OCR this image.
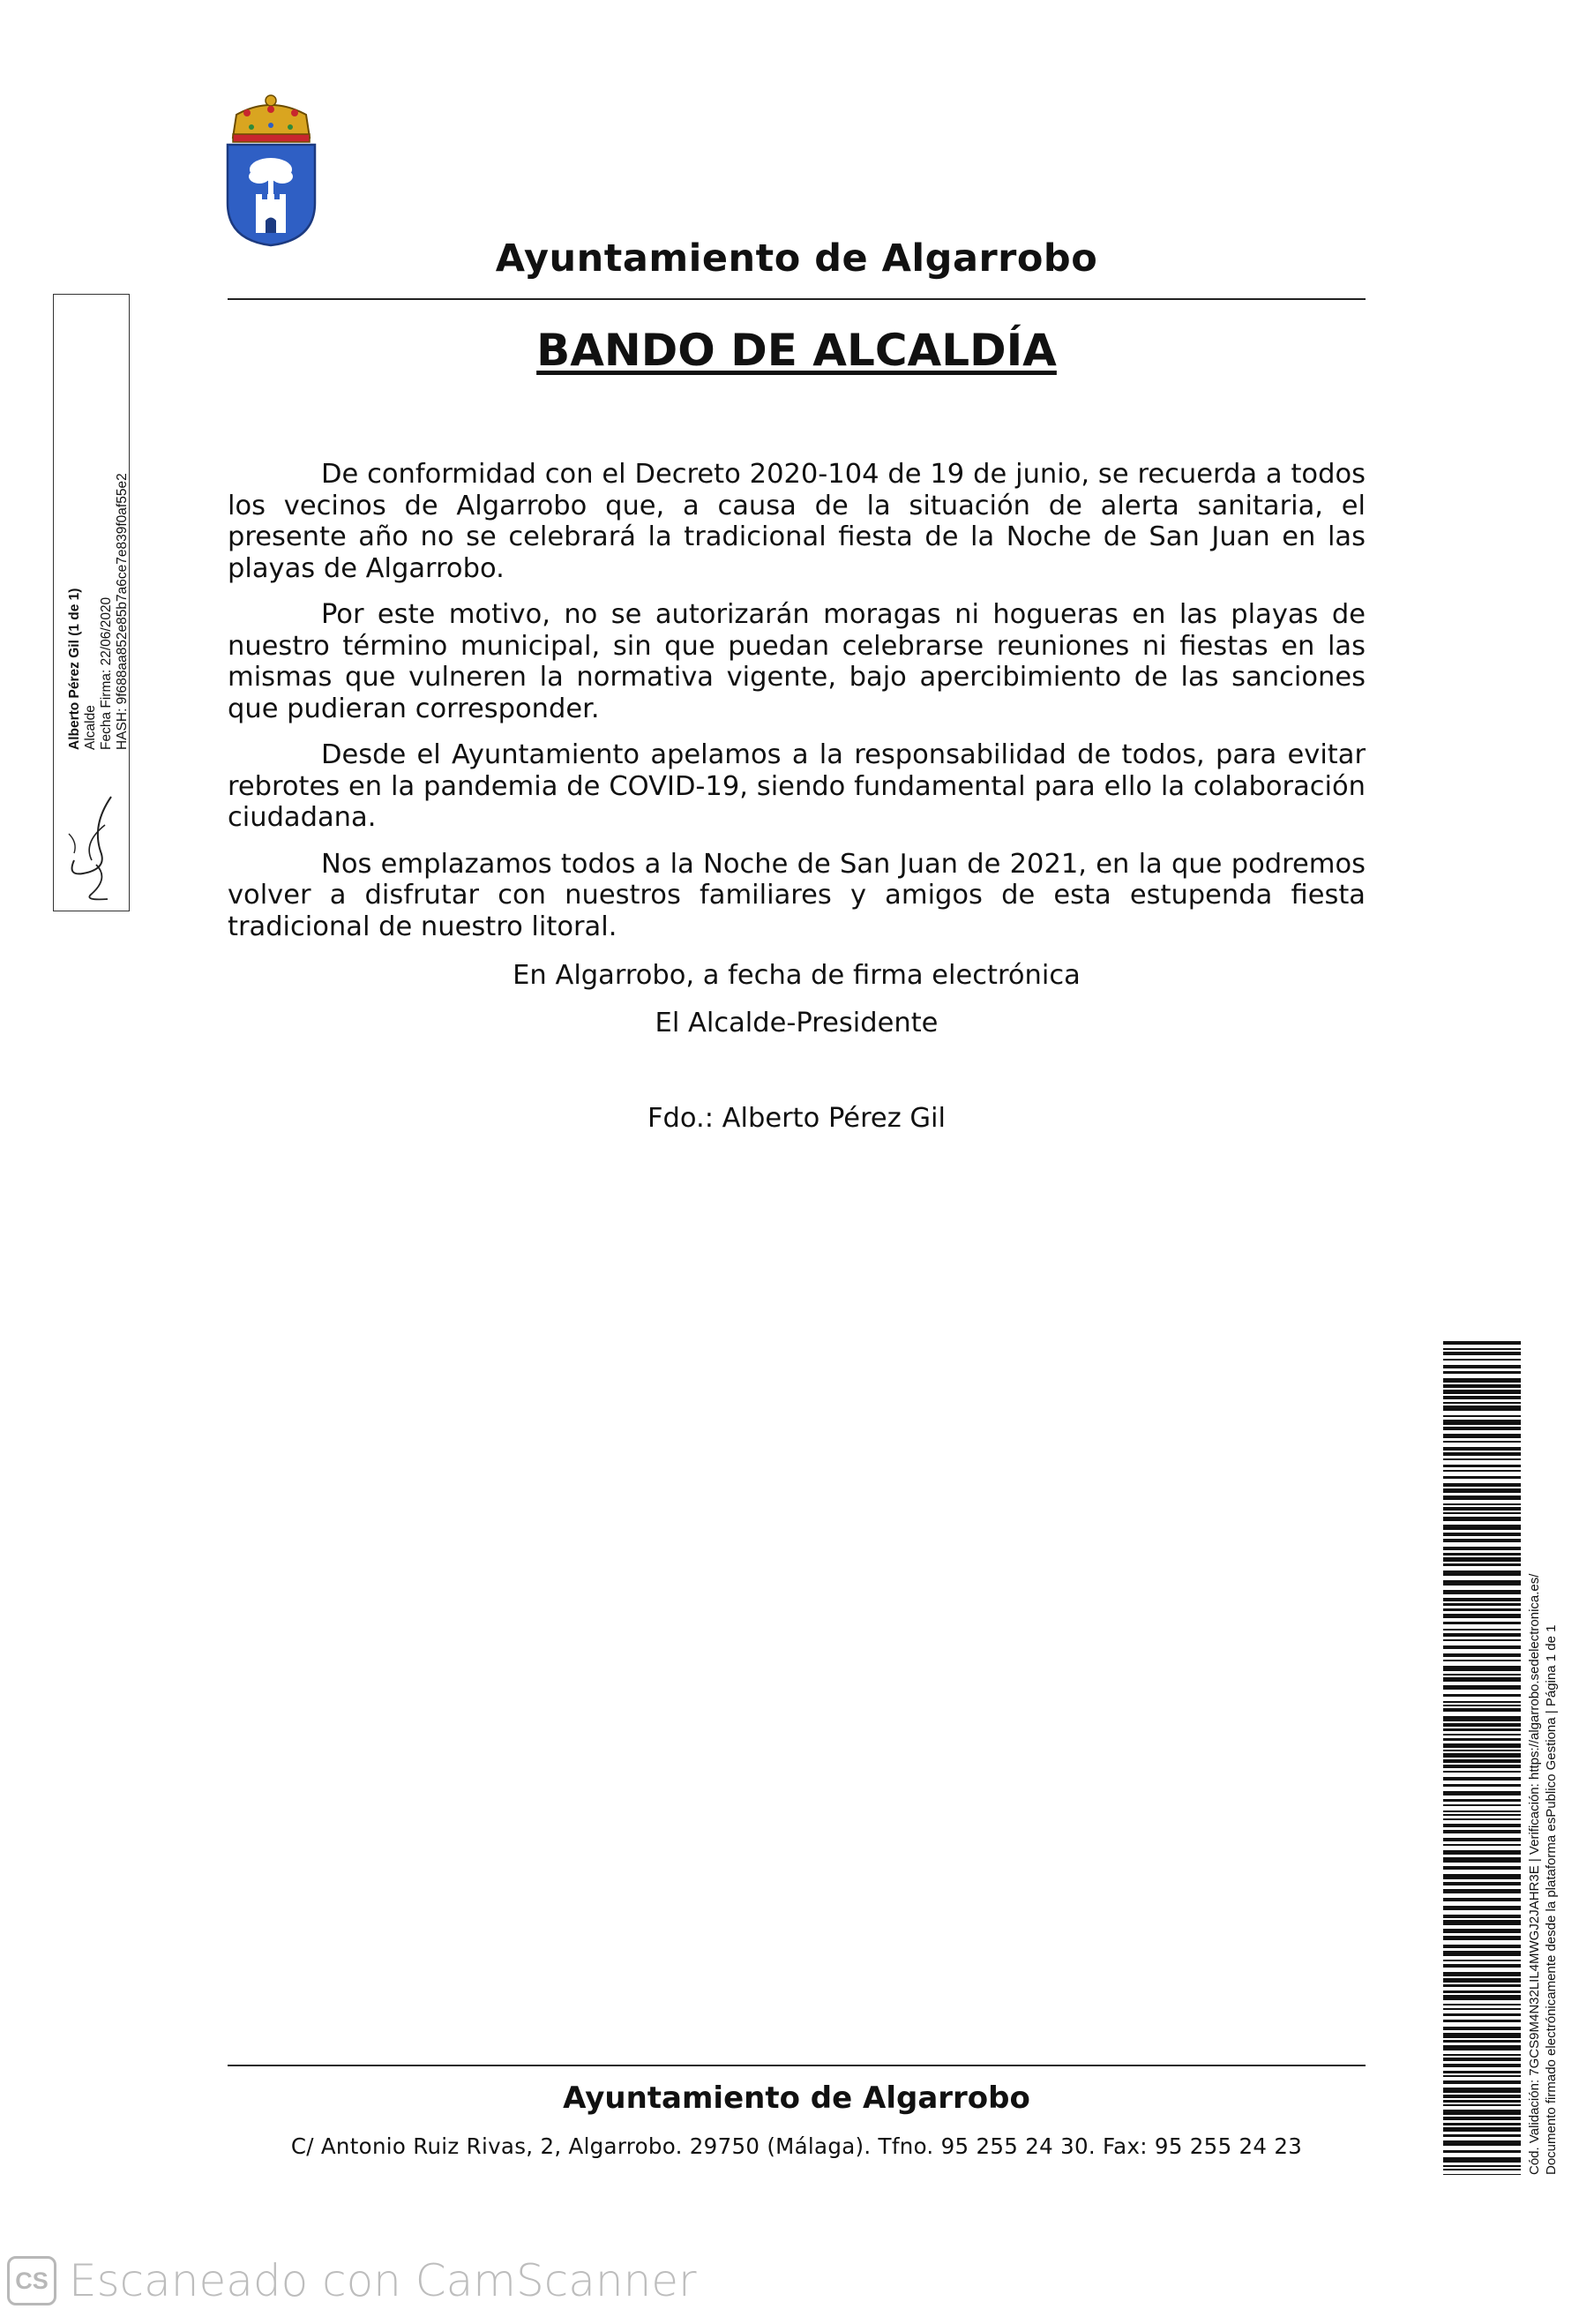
Ayuntamiento de Algarrobo
BANDO DE ALCALDÍA

De conformidad con el Decreto 2020-104 de 19 de junio, se recuerda a todos los vecinos de Algarrobo que, a causa de la situación de alerta sanitaria, el presente año no se celebrará la tradicional fiesta de la Noche de San Juan en las playas de Algarrobo.

Por este motivo, no se autorizarán moragas ni hogueras en las playas de nuestro término municipal, sin que puedan celebrarse reuniones ni fiestas en las mismas que vulneren la normativa vigente, bajo apercibimiento de las sanciones que pudieran corresponder.

Desde el Ayuntamiento apelamos a la responsabilidad de todos, para evitar rebrotes en la pandemia de COVID-19, siendo fundamental para ello la colaboración ciudadana.

Nos emplazamos todos a la Noche de San Juan de 2021, en la que podremos volver a disfrutar con nuestros familiares y amigos de esta estupenda fiesta tradicional de nuestro litoral.

En Algarrobo, a fecha de firma electrónica
El Alcalde-Presidente
Fdo.: Alberto Pérez Gil
Alberto Pérez Gil (1 de 1) Alcalde Fecha Firma: 22/06/2020 HASH: 9f688aa852e85b7a6ce7e839f0af55e2
Cód. Validación: 7GCS9M4N32LIL4MWGJ2JAHR3E | Verificación: https://algarrobo.sedelectronica.es/ Documento firmado electrónicamente desde la plataforma esPublico Gestiona | Página 1 de 1
Ayuntamiento de Algarrobo
C/ Antonio Ruiz Rivas, 2, Algarrobo. 29750 (Málaga). Tfno. 95 255 24 30. Fax: 95 255 24 23
CS Escaneado con CamScanner
